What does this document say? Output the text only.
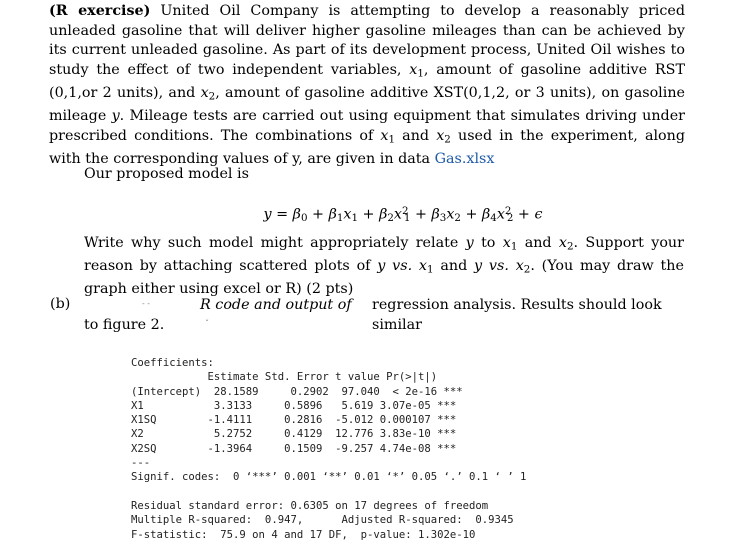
(R exercise) United Oil Company is attempting to develop a reasonably priced unleaded gasoline that will deliver higher gasoline mileages than can be achieved by its current unleaded gasoline. As part of its development process, United Oil wishes to study the effect of two independent variables, $x_1$, amount of gasoline additive RST (0,1,or 2 units), and $x_2$, amount of gasoline additive XST(0,1,2, or 3 units), on gasoline mileage y. Mileage tests are carried out using equipment that simulates driving under prescribed conditions. The combinations of $x_1$ and $x_2$ used in the experiment, along with the corresponding values of y, are given in data Gas.xlsx
Our proposed model is
$y = \beta_0 + \beta_1x_1 + \beta_2x^2_1 + \beta_3x_2 + \beta_4x^2_2 + \epsilon$
Write why such model might appropriately relate y to $x_1$ and $x_2$. Support your reason by attaching scattered plots of y vs. $x_1$ and y vs. $x_2$. (You may draw the graph either using excel or R) (2 pts)
(b)	- -	R code and output of
ˇ
regression analysis. Results should look similar
to figure 2.
Coefficients:
Estimate Std. Error t value Pr(>|t|)
(Intercept)  28.1589     0.2902  97.040  < 2e-16 ***
X1           3.3133     0.5896   5.619 3.07e-05 ***
X1SQ        -1.4111     0.2816  -5.012 0.000107 ***
X2           5.2752     0.4129  12.776 3.83e-10 ***
X2SQ        -1.3964     0.1509  -9.257 4.74e-08 ***
---
Signif. codes:  0 ‘***’ 0.001 ‘**’ 0.01 ‘*’ 0.05 ‘.’ 0.1 ‘ ’ 1

Residual standard error: 0.6305 on 17 degrees of freedom
Multiple R-squared:  0.947,      Adjusted R-squared:  0.9345
F-statistic:  75.9 on 4 and 17 DF,  p-value: 1.302e-10
